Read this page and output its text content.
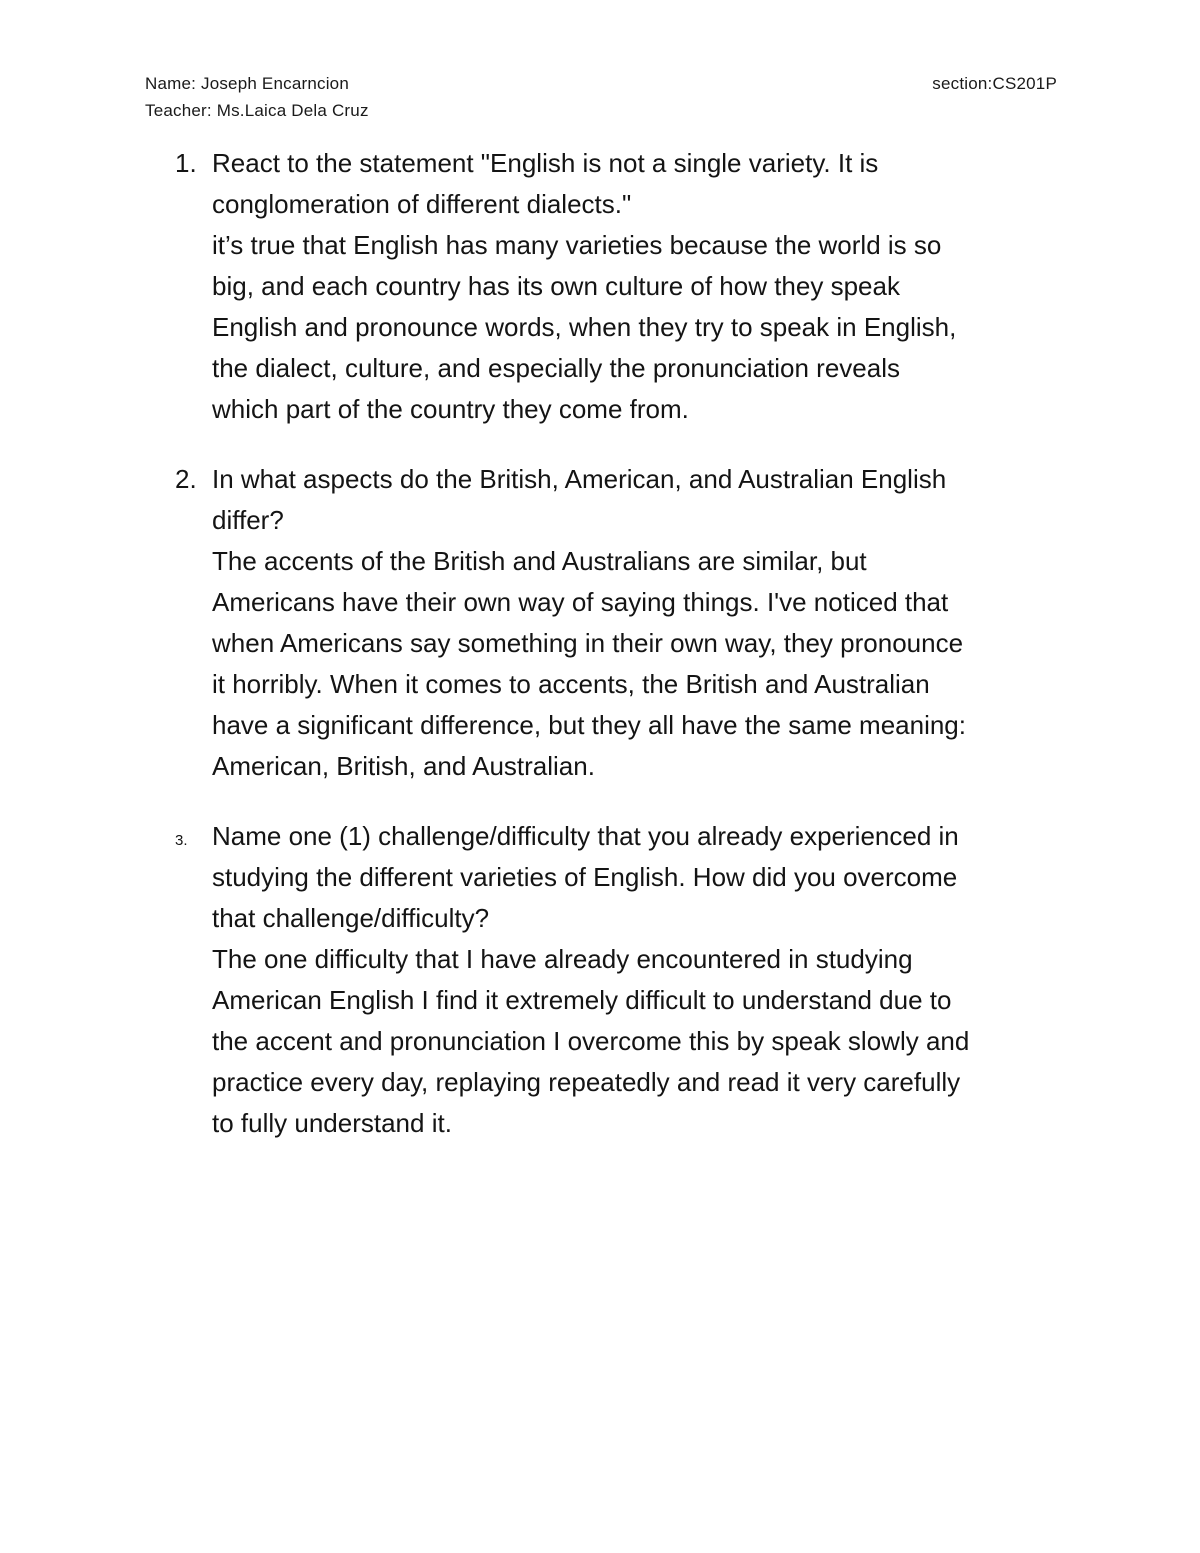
Name: Joseph Encarncion
Teacher: Ms.Laica Dela Cruz
section:CS201P
1. React to the statement "English is not a single variety. It is
conglomeration of different dialects."
it’s true that English has many varieties because the world is so
big, and each country has its own culture of how they speak
English and pronounce words, when they try to speak in English,
the dialect, culture, and especially the pronunciation reveals
which part of the country they come from.
2. In what aspects do the British, American, and Australian English
differ?
The accents of the British and Australians are similar, but
Americans have their own way of saying things. I've noticed that
when Americans say something in their own way, they pronounce
it horribly. When it comes to accents, the British and Australian
have a significant difference, but they all have the same meaning:
American, British, and Australian.
3. Name one (1) challenge/difficulty that you already experienced in
studying the different varieties of English. How did you overcome
that challenge/difficulty?
The one difficulty that I have already encountered in studying
American English I find it extremely difficult to understand due to
the accent and pronunciation I overcome this by speak slowly and
practice every day, replaying repeatedly and read it very carefully
to fully understand it.
